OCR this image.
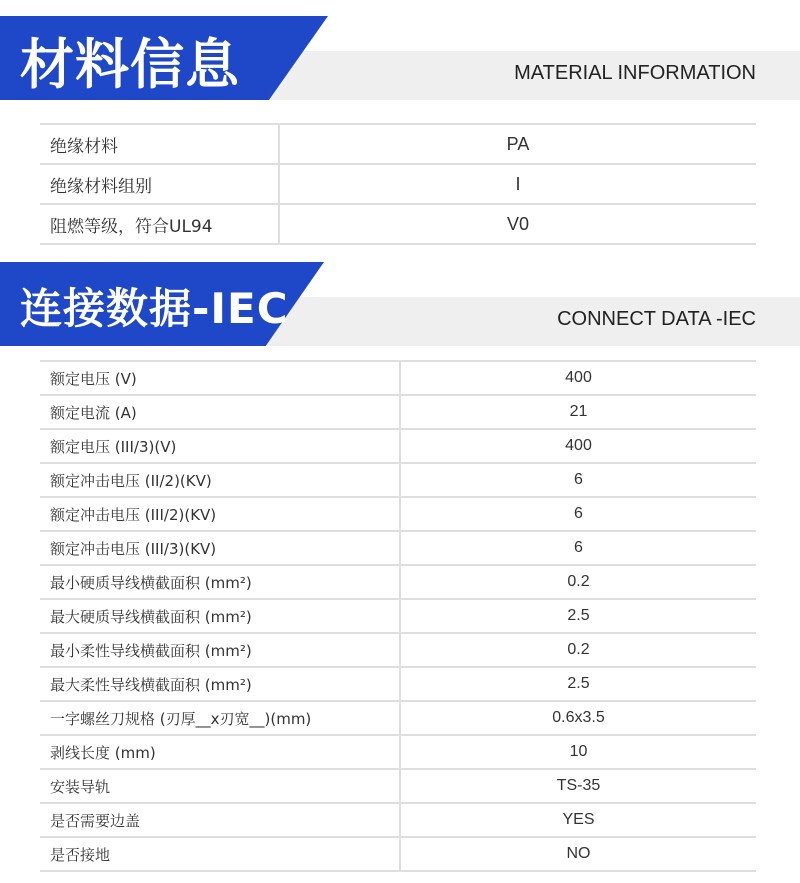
材料信息	MATERIAL INFORMATION
绝缘材料	PA
绝缘材料组别	I
阻燃等级，符合UL94	V0
连接数据-IEC	CONNECT DATA -IEC
额定电压 (V)	400
额定电流 (A)	21
额定电压 (III/3)(V)	400
额定冲击电压 (II/2)(KV)	6
额定冲击电压 (III/2)(KV)	6
额定冲击电压 (III/3)(KV)	6
最小硬质导线横截面积 (mm²)	0.2
最大硬质导线横截面积 (mm²)	2.5
最小柔性导线横截面积 (mm²)	0.2
最大柔性导线横截面积 (mm²)	2.5
一字螺丝刀规格 (刃厚__x刃宽__)(mm)	0.6x3.5
剥线长度 (mm)	10
安装导轨	TS-35
是否需要边盖	YES
是否接地	NO
